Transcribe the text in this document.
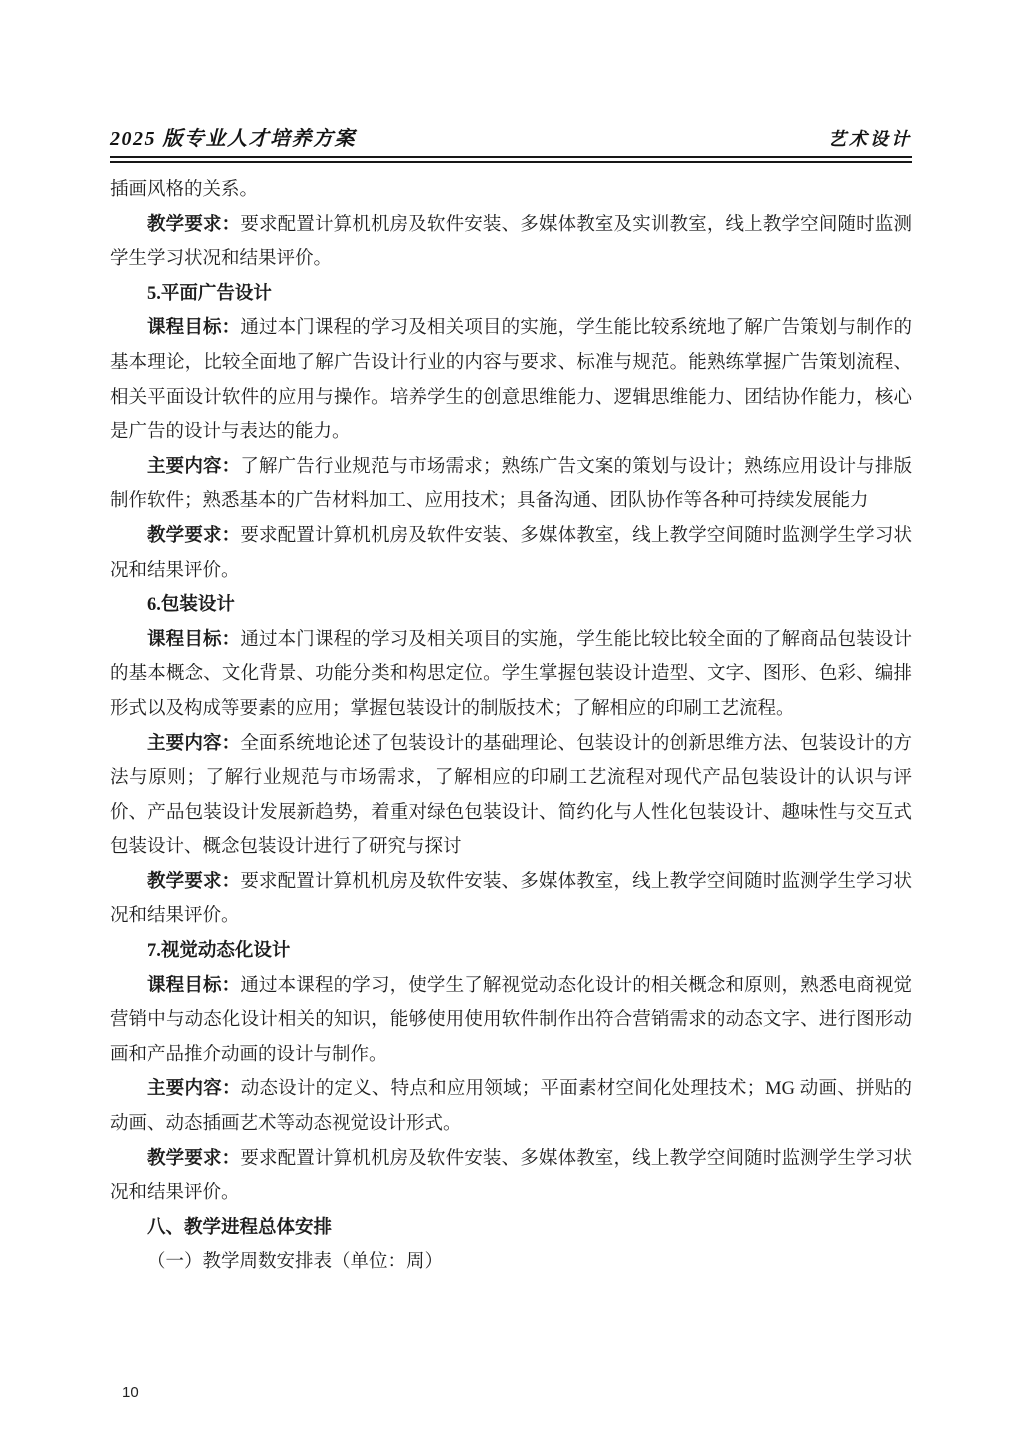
2025 版专业人才培养方案	艺术设计

插画风格的关系。

教学要求：要求配置计算机机房及软件安装、多媒体教室及实训教室，线上教学空间随时监测学生学习状况和结果评价。

5.平面广告设计

课程目标：通过本门课程的学习及相关项目的实施，学生能比较系统地了解广告策划与制作的基本理论，比较全面地了解广告设计行业的内容与要求、标准与规范。能熟练掌握广告策划流程、相关平面设计软件的应用与操作。培养学生的创意思维能力、逻辑思维能力、团结协作能力，核心是广告的设计与表达的能力。

主要内容：了解广告行业规范与市场需求；熟练广告文案的策划与设计；熟练应用设计与排版制作软件；熟悉基本的广告材料加工、应用技术；具备沟通、团队协作等各种可持续发展能力

教学要求：要求配置计算机机房及软件安装、多媒体教室，线上教学空间随时监测学生学习状况和结果评价。

6.包装设计

课程目标：通过本门课程的学习及相关项目的实施，学生能比较比较全面的了解商品包装设计的基本概念、文化背景、功能分类和构思定位。学生掌握包装设计造型、文字、图形、色彩、编排形式以及构成等要素的应用；掌握包装设计的制版技术；了解相应的印刷工艺流程。

主要内容：全面系统地论述了包装设计的基础理论、包装设计的创新思维方法、包装设计的方法与原则；了解行业规范与市场需求，了解相应的印刷工艺流程对现代产品包装设计的认识与评价、产品包装设计发展新趋势，着重对绿色包装设计、简约化与人性化包装设计、趣味性与交互式包装设计、概念包装设计进行了研究与探讨

教学要求：要求配置计算机机房及软件安装、多媒体教室，线上教学空间随时监测学生学习状况和结果评价。

7.视觉动态化设计

课程目标：通过本课程的学习，使学生了解视觉动态化设计的相关概念和原则，熟悉电商视觉营销中与动态化设计相关的知识，能够使用使用软件制作出符合营销需求的动态文字、进行图形动画和产品推介动画的设计与制作。

主要内容：动态设计的定义、特点和应用领域；平面素材空间化处理技术；MG 动画、拼贴的动画、动态插画艺术等动态视觉设计形式。

教学要求：要求配置计算机机房及软件安装、多媒体教室，线上教学空间随时监测学生学习状况和结果评价。

八、教学进程总体安排

（一）教学周数安排表（单位：周）

10
